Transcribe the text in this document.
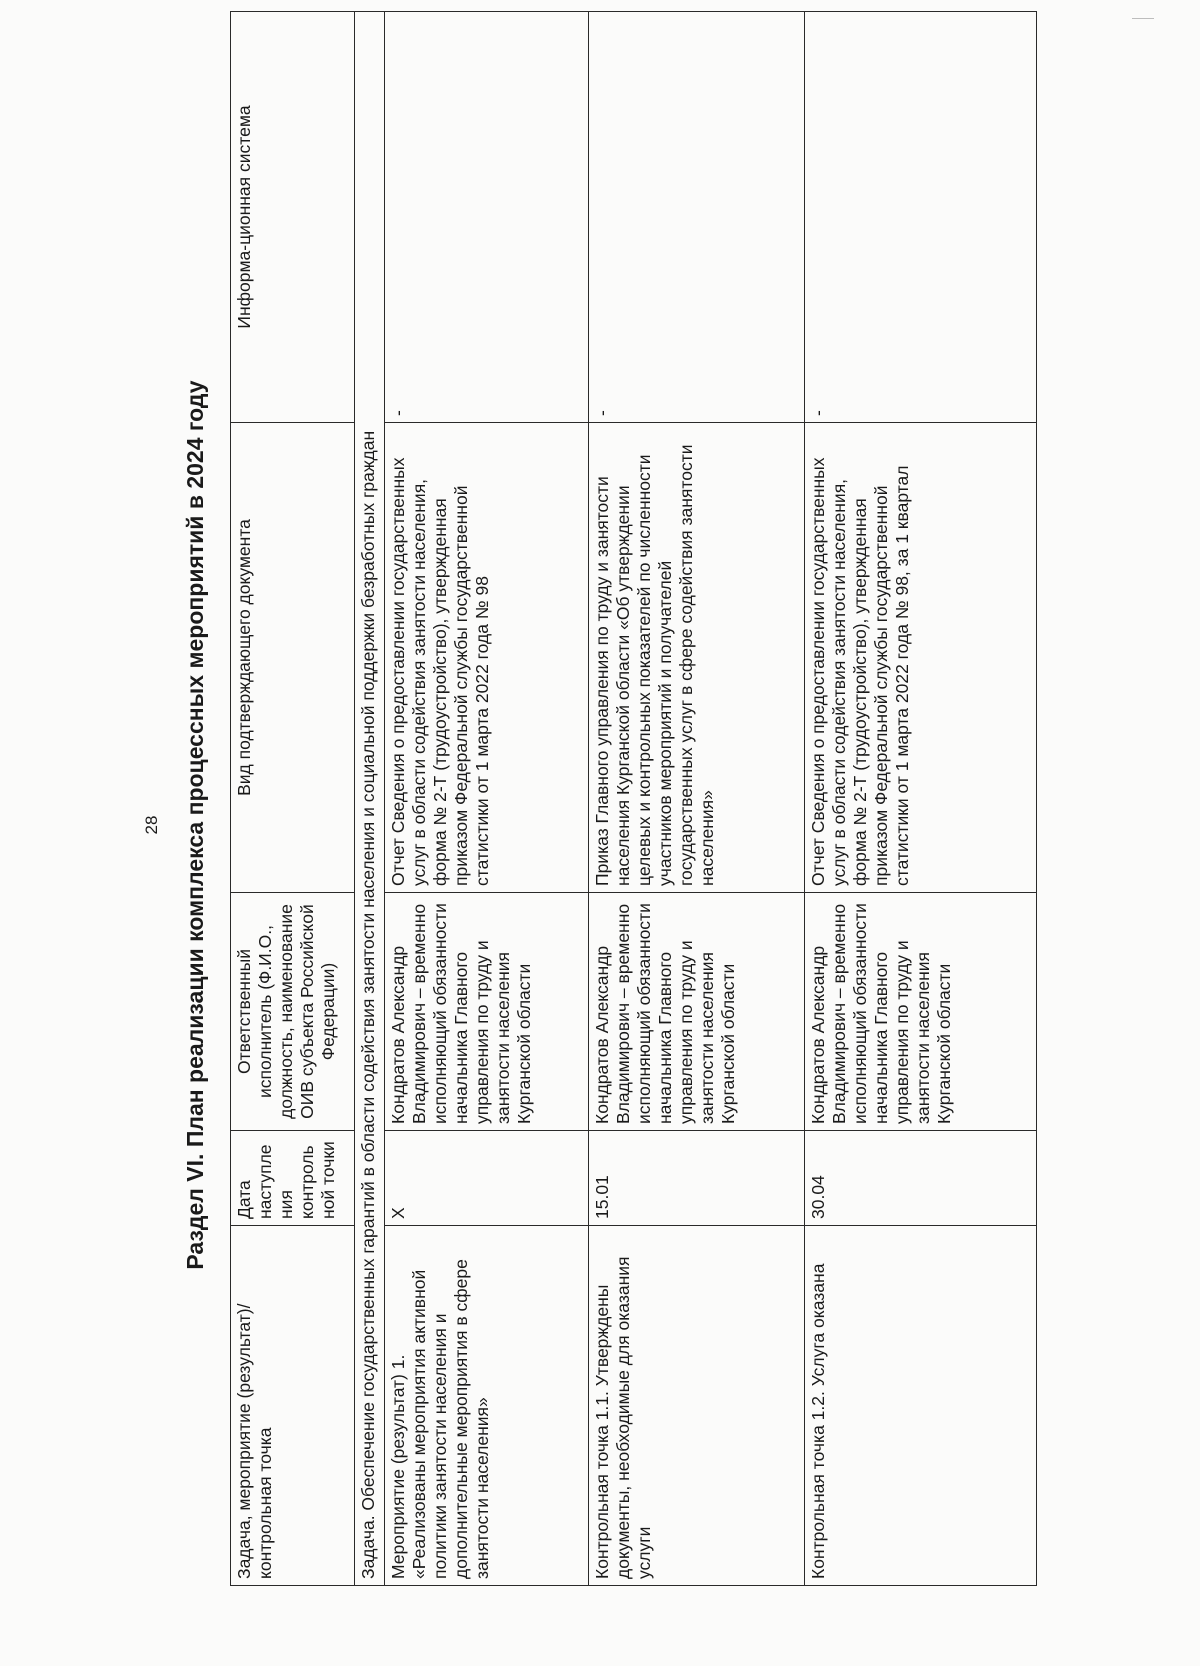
28 Раздел VI. План реализации комплекса процессных мероприятий в 2024 году
Задача, мероприятие (результат)/контрольная точка	Дата наступления контрольной точки	Ответственный исполнитель (Ф.И.О., должность, наименование ОИВ субъекта Российской Федерации)	Вид подтверждающего документа	Информа-ционная система
Задача. Обеспечение государственных гарантий в области содействия занятости населения и социальной поддержки безработных граждан				
Мероприятие (результат) 1. «Реализованы мероприятия активной политики занятости населения и дополнительные мероприятия в сфере занятости населения»	Х	Кондратов Александр Владимирович – временно исполняющий обязанности начальника Главного управления по труду и занятости населения Курганской области	Отчет Сведения о предоставлении государственных услуг в области содействия занятости населения, форма № 2-Т (трудоустройство), утвержденная приказом Федеральной службы государственной статистики от 1 марта 2022 года № 98	-
Контрольная точка 1.1. Утверждены документы, необходимые для оказания услуги	15.01	Кондратов Александр Владимирович – временно исполняющий обязанности начальника Главного управления по труду и занятости населения Курганской области	Приказ Главного управления по труду и занятости населения Курганской области «Об утверждении целевых и контрольных показателей по численности участников мероприятий и получателей государственных услуг в сфере содействия занятости населения»	-
Контрольная точка 1.2. Услуга оказана	30.04	Кондратов Александр Владимирович – временно исполняющий обязанности начальника Главного управления по труду и занятости населения Курганской области	Отчет Сведения о предоставлении государственных услуг в области содействия занятости населения, форма № 2-Т (трудоустройство), утвержденная приказом Федеральной службы государственной статистики от 1 марта 2022 года № 98, за 1 квартал	-
